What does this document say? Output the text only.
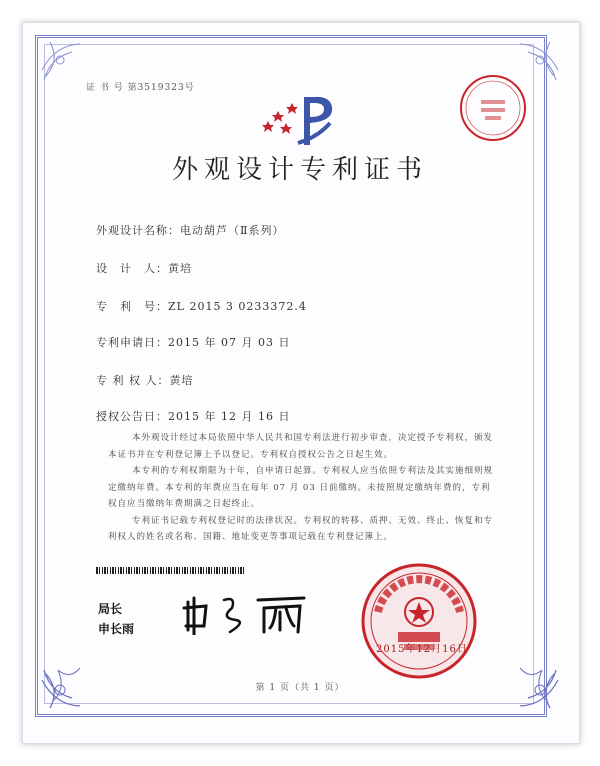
证 书 号 第3519323号
外观设计专利证书
外观设计名称：电动葫芦（Ⅱ系列）
设　计　人：黄培
专　利　号：ZL 2015 3 0233372.4
专利申请日：2015 年 07 月 03 日
专 利 权 人：黄培
授权公告日：2015 年 12 月 16 日

本外观设计经过本局依照中华人民共和国专利法进行初步审查，决定授予专利权，颁发本证书并在专利登记簿上予以登记。专利权自授权公告之日起生效。

本专利的专利权期限为十年，自申请日起算。专利权人应当依照专利法及其实施细则规定缴纳年费。本专利的年费应当在每年 07 月 03 日前缴纳。未按照规定缴纳年费的，专利权自应当缴纳年费期满之日起终止。

专利证书记载专利权登记时的法律状况。专利权的转移、质押、无效、终止、恢复和专利权人的姓名或名称、国籍、地址变更等事项记载在专利登记簿上。

局长
申长雨
2015年12月16日
第 1 页（共 1 页）
